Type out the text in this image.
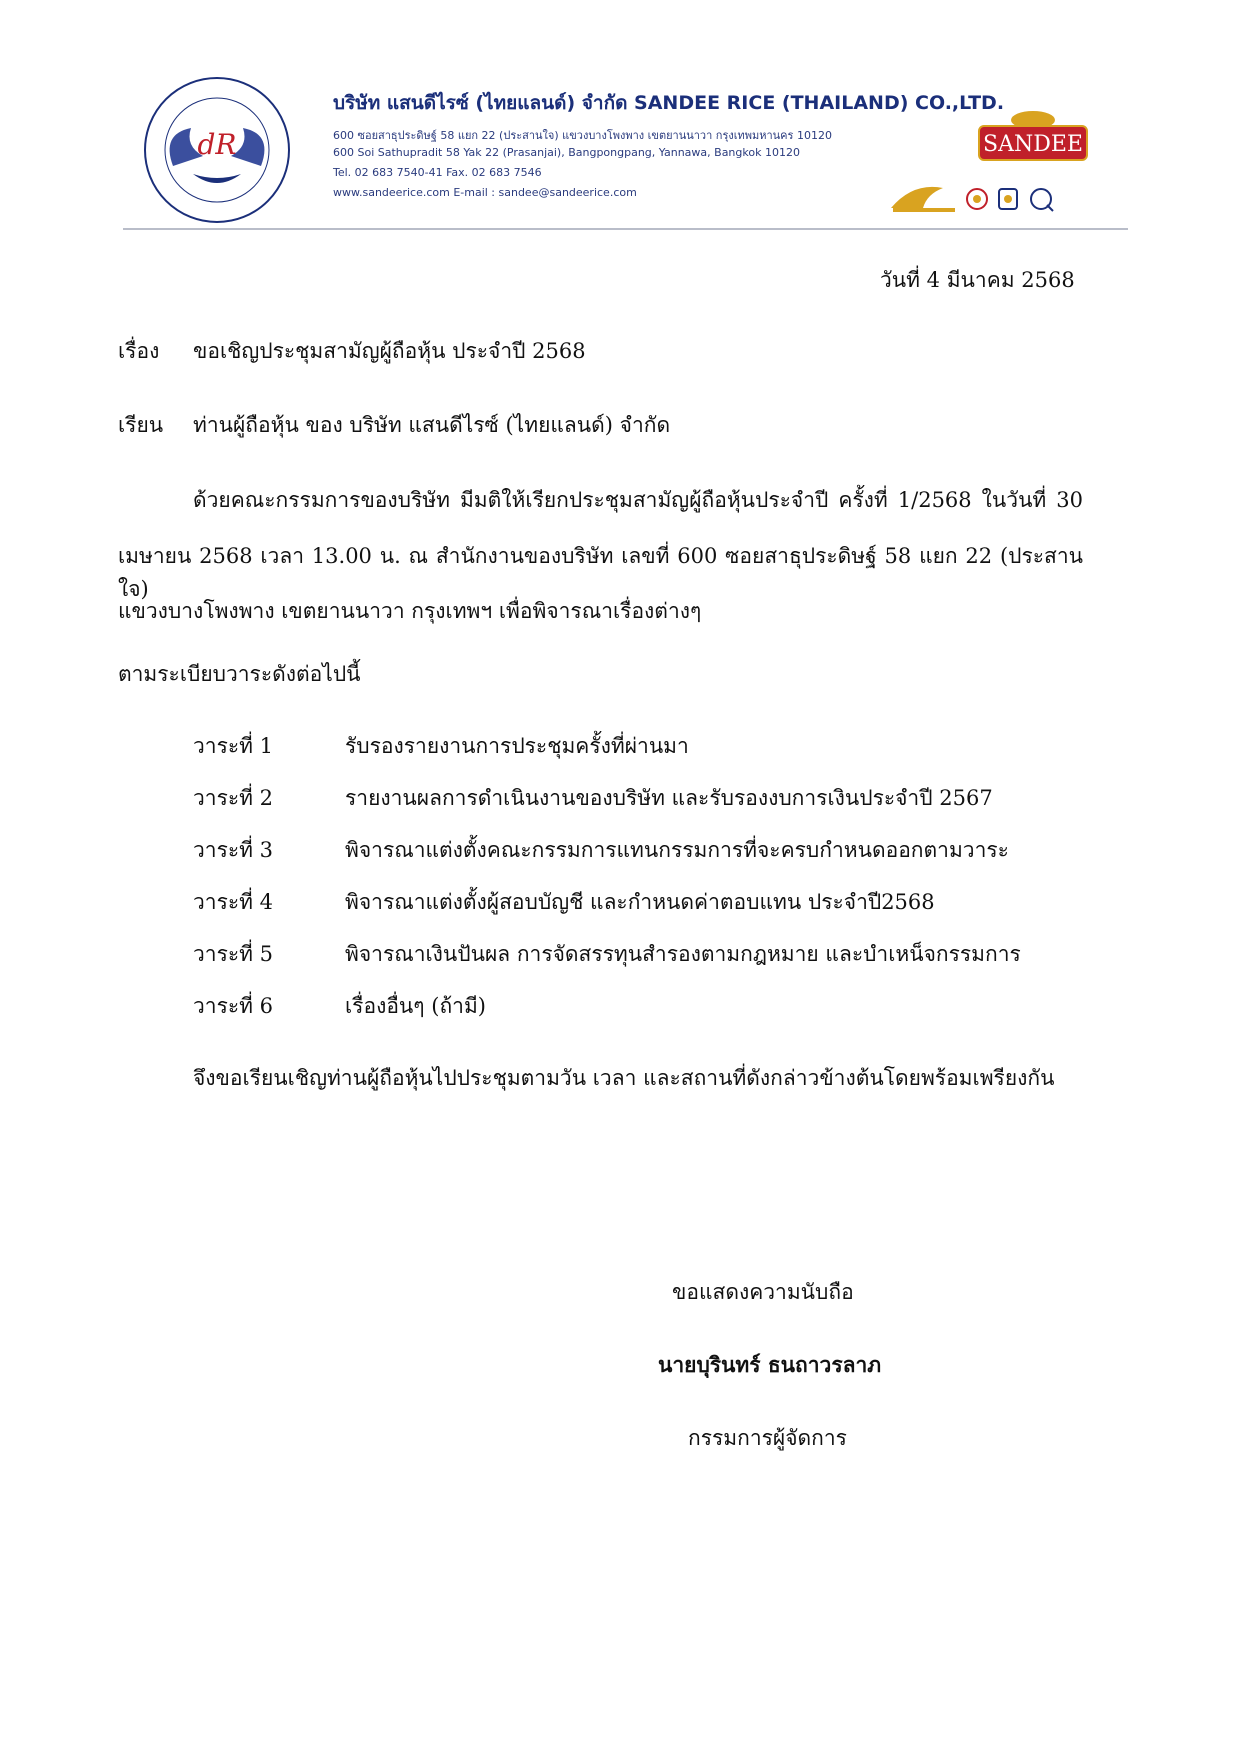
dR
บริษัท แสนดีไรซ์ (ไทยแลนด์) จำกัด SANDEE RICE (THAILAND) CO.,LTD.
600 ซอยสาธุประดิษฐ์ 58 แยก 22 (ประสานใจ) แขวงบางโพงพาง เขตยานนาวา กรุงเทพมหานคร 10120
600 Soi Sathupradit 58 Yak 22 (Prasanjai), Bangpongpang, Yannawa, Bangkok 10120
Tel. 02 683 7540-41 Fax. 02 683 7546
www.sandeerice.com E-mail : sandee@sandeerice.com
SANDEE
วันที่ 4 มีนาคม 2568
เรื่อง ขอเชิญประชุมสามัญผู้ถือหุ้น ประจำปี 2568
เรียน ท่านผู้ถือหุ้น ของ บริษัท แสนดีไรซ์ (ไทยแลนด์) จำกัด
ด้วยคณะกรรมการของบริษัท มีมติให้เรียกประชุมสามัญผู้ถือหุ้นประจำปี ครั้งที่ 1/2568 ในวันที่ 30
เมษายน 2568 เวลา 13.00 น. ณ สำนักงานของบริษัท เลขที่ 600 ซอยสาธุประดิษฐ์ 58 แยก 22 (ประสานใจ)
แขวงบางโพงพาง เขตยานนาวา กรุงเทพฯ เพื่อพิจารณาเรื่องต่างๆ
ตามระเบียบวาระดังต่อไปนี้
วาระที่ 1	รับรองรายงานการประชุมครั้งที่ผ่านมา
วาระที่ 2	รายงานผลการดำเนินงานของบริษัท และรับรองงบการเงินประจำปี 2567
วาระที่ 3	พิจารณาแต่งตั้งคณะกรรมการแทนกรรมการที่จะครบกำหนดออกตามวาระ
วาระที่ 4	พิจารณาแต่งตั้งผู้สอบบัญชี และกำหนดค่าตอบแทน ประจำปี2568
วาระที่ 5	พิจารณาเงินปันผล การจัดสรรทุนสำรองตามกฎหมาย และบำเหน็จกรรมการ
วาระที่ 6	เรื่องอื่นๆ (ถ้ามี)
จึงขอเรียนเชิญท่านผู้ถือหุ้นไปประชุมตามวัน เวลา และสถานที่ดังกล่าวข้างต้นโดยพร้อมเพรียงกัน
ขอแสดงความนับถือ
นายบุรินทร์ ธนถาวรลาภ
กรรมการผู้จัดการ
